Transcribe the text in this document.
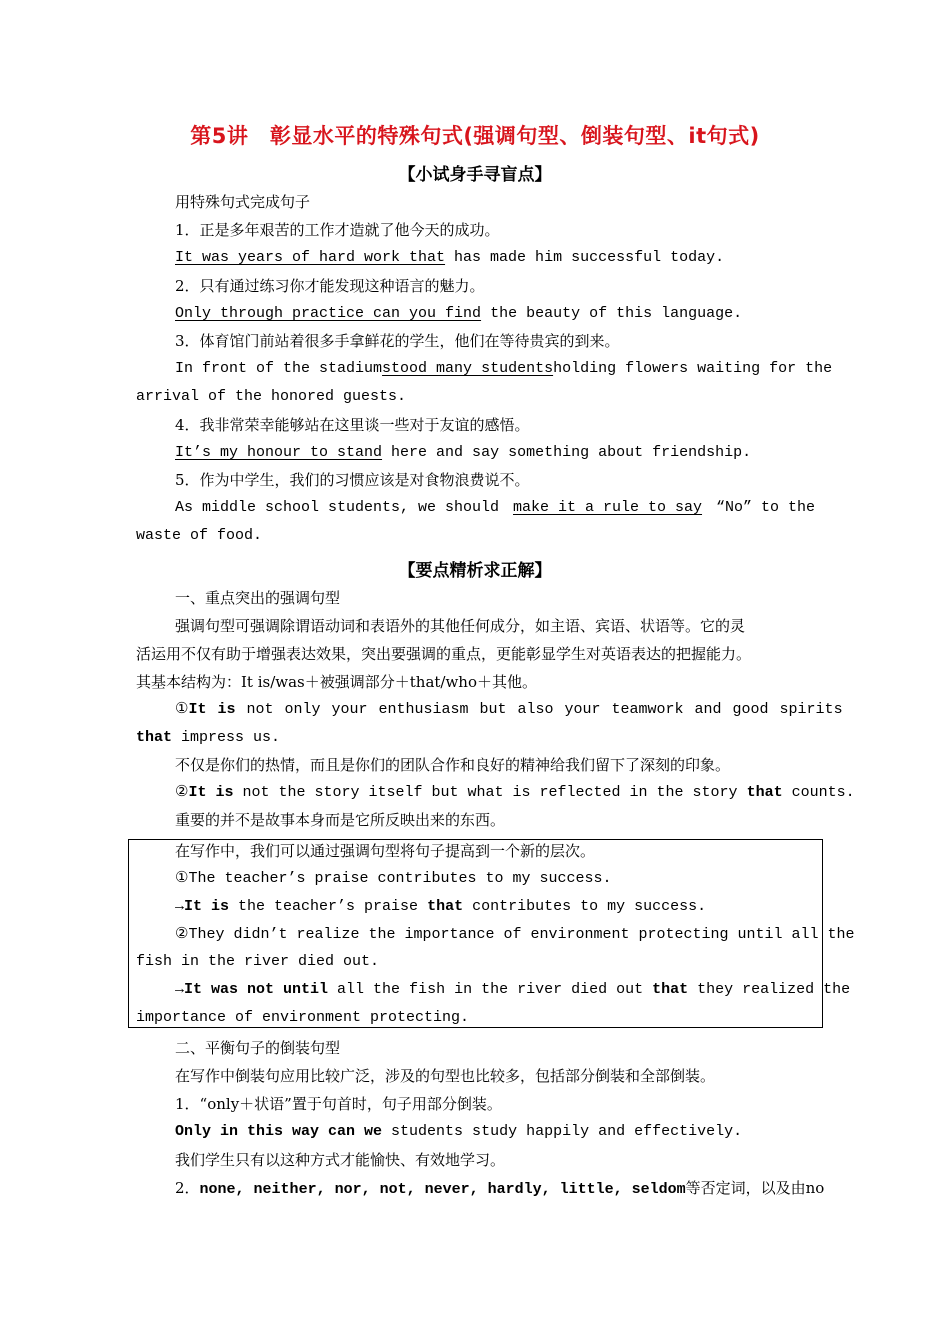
第5讲　彰显水平的特殊句式(强调句型、倒装句型、it句式)
【小试身手寻盲点】
用特殊句式完成句子
1．正是多年艰苦的工作才造就了他今天的成功。
It was years of hard work that has made him successful today.
2．只有通过练习你才能发现这种语言的魅力。
Only through practice can you find the beauty of this language.
3．体育馆门前站着很多手拿鲜花的学生，他们在等待贵宾的到来。
In front of the stadium stood many students holding flowers waiting for the
arrival of the honored guests.
4．我非常荣幸能够站在这里谈一些对于友谊的感悟。
It’s my honour to stand here and say something about friendship.
5．作为中学生，我们的习惯应该是对食物浪费说不。
As middle school students, we should make it a rule to say “No” to the
waste of food.
【要点精析求正解】
一、重点突出的强调句型
强调句型可强调除谓语动词和表语外的其他任何成分，如主语、宾语、状语等。它的灵
活运用不仅有助于增强表达效果，突出要强调的重点，更能彰显学生对英语表达的把握能力。
其基本结构为：It is/was＋被强调部分＋that/who＋其他。
①It is not only your enthusiasm but also your teamwork and good spirits
that impress us.
不仅是你们的热情，而且是你们的团队合作和良好的精神给我们留下了深刻的印象。
②It is not the story itself but what is reflected in the story that counts.
重要的并不是故事本身而是它所反映出来的东西。
在写作中，我们可以通过强调句型将句子提高到一个新的层次。
①The teacher’s praise contributes to my success.
→It is the teacher’s praise that contributes to my success.
②They didn’t realize the importance of environment protecting until all the
fish in the river died out.
→It was not until all the fish in the river died out that they realized the
importance of environment protecting.
二、平衡句子的倒装句型
在写作中倒装句应用比较广泛，涉及的句型也比较多，包括部分倒装和全部倒装。
1．“only＋状语”置于句首时，句子用部分倒装。
Only in this way can we students study happily and effectively.
我们学生只有以这种方式才能愉快、有效地学习。
2．none, neither, nor, not, never, hardly, little, seldom等否定词，以及由no
